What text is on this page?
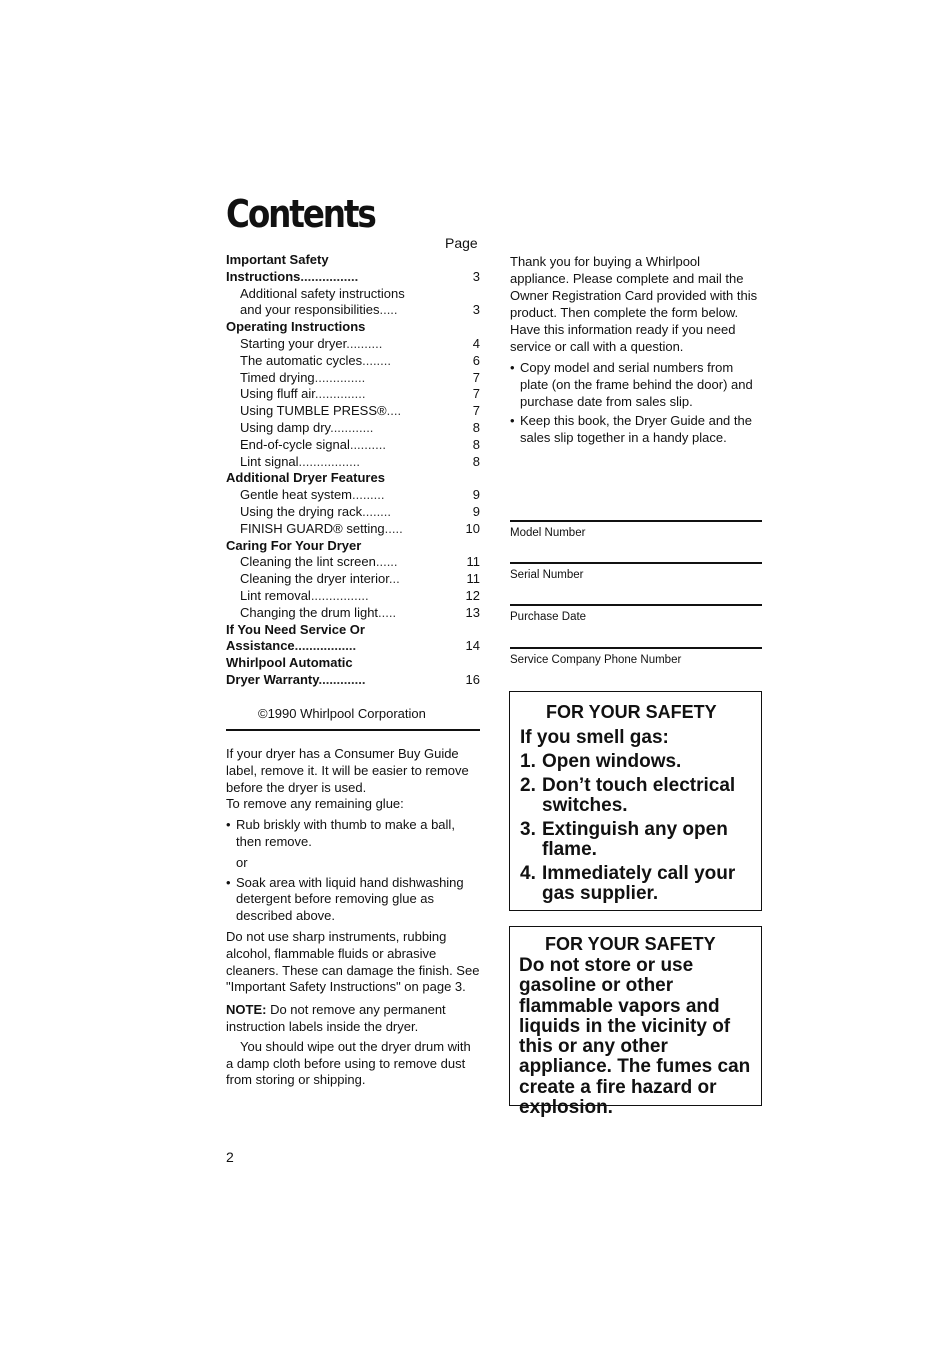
Contents
Page
Important Safety
Instructions................	3
Additional safety instructions
and your responsibilities.....	3
Operating Instructions
Starting your dryer..........	4
The automatic cycles........	6
Timed drying..............	7
Using fluff air..............	7
Using TUMBLE PRESS®....	7
Using damp dry............	8
End-of-cycle signal..........	8
Lint signal.................	8
Additional Dryer Features
Gentle heat system.........	9
Using the drying rack........	9
FINISH GUARD® setting.....	10
Caring For Your Dryer
Cleaning the lint screen......	11
Cleaning the dryer interior...	11
Lint removal................	12
Changing the drum light.....	13
If You Need Service Or
Assistance.................	14
Whirlpool Automatic
Dryer Warranty.............	16
©1990 Whirlpool Corporation

If your dryer has a Consumer Buy Guide label, remove it. It will be easier to remove before the dryer is used.

To remove any remaining glue:

• Rub briskly with thumb to make a ball, then remove.

or

• Soak area with liquid hand dishwashing detergent before removing glue as described above.

Do not use sharp instruments, rubbing alcohol, flammable fluids or abrasive cleaners. These can damage the finish. See "Important Safety Instructions" on page 3.

NOTE: Do not remove any permanent instruction labels inside the dryer.

You should wipe out the dryer drum with a damp cloth before using to remove dust from storing or shipping.

Thank you for buying a Whirlpool appliance. Please complete and mail the Owner Registration Card provided with this product. Then complete the form below. Have this information ready if you need service or call with a question.

• Copy model and serial numbers from plate (on the frame behind the door) and purchase date from sales slip.

• Keep this book, the Dryer Guide and the sales slip together in a handy place.

Model Number
Serial Number
Purchase Date
Service Company Phone Number
FOR YOUR SAFETY
If you smell gas:
1. Open windows.
2. Don’t touch electrical switches.
3. Extinguish any open flame.
4. Immediately call your gas supplier.
FOR YOUR SAFETY
Do not store or use gasoline or other flammable vapors and liquids in the vicinity of this or any other appliance. The fumes can create a fire hazard or explosion.
2
